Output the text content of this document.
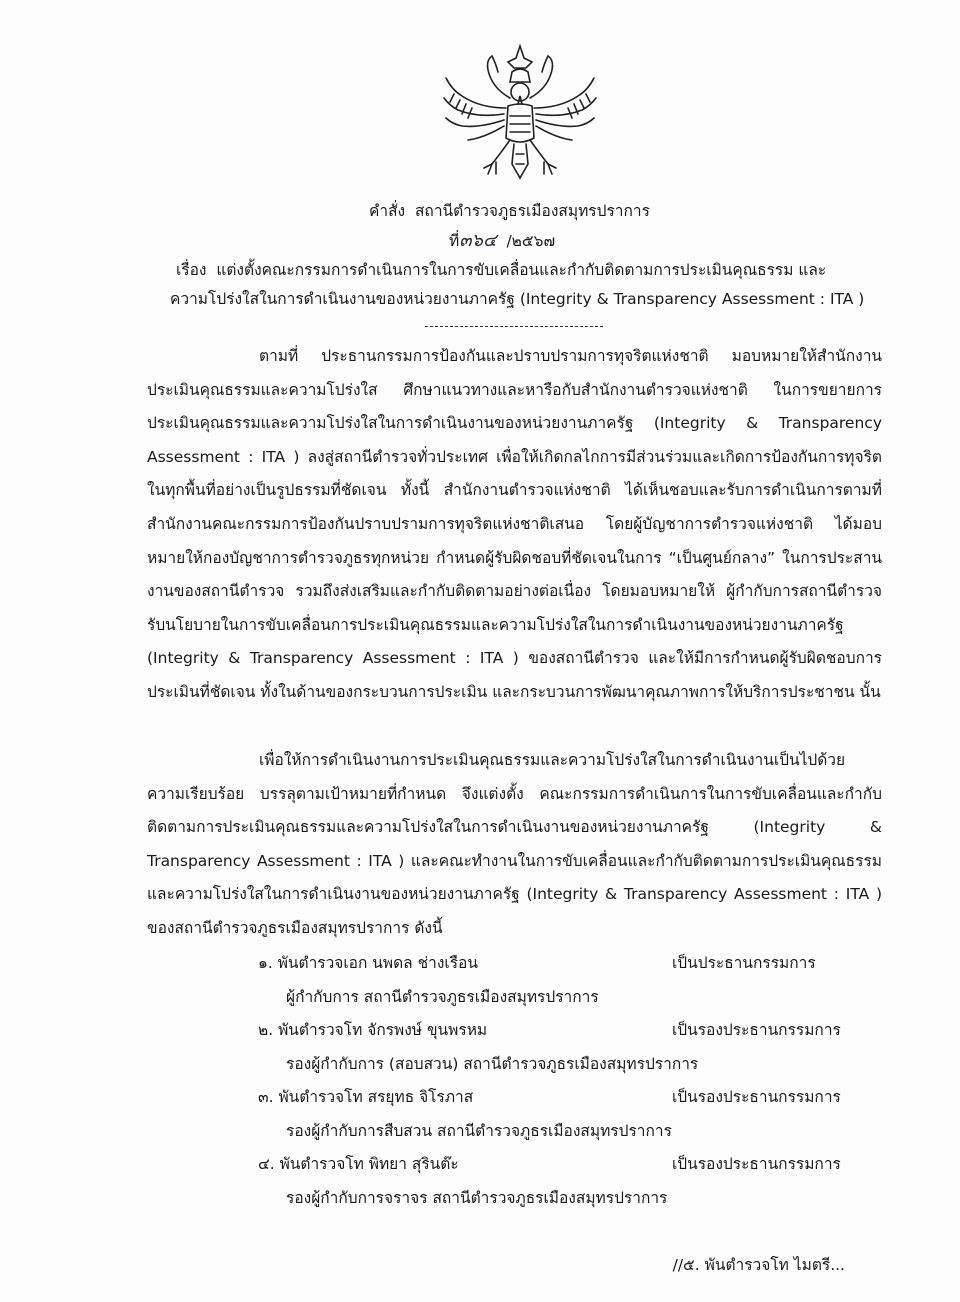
คำสั่ง สถานีตำรวจภูธรเมืองสมุทรปราการ
ที่๓๖๔ /๒๕๖๗
เรื่อง แต่งตั้งคณะกรรมการดำเนินการในการขับเคลื่อนและกำกับติดตามการประเมินคุณธรรม และ
ความโปร่งใสในการดำเนินงานของหน่วยงานภาครัฐ (Integrity & Transparency Assessment : ITA )

ตามที่ ประธานกรรมการป้องกันและปราบปรามการทุจริตแห่งชาติ มอบหมายให้สำนักงานประเมินคุณธรรมและความโปร่งใส ศึกษาแนวทางและหารือกับสำนักงานตำรวจแห่งชาติ ในการขยายการประเมินคุณธรรมและความโปร่งใสในการดำเนินงานของหน่วยงานภาครัฐ (Integrity & Transparency Assessment : ITA ) ลงสู่สถานีตำรวจทั่วประเทศ เพื่อให้เกิดกลไกการมีส่วนร่วมและเกิดการป้องกันการทุจริตในทุกพื้นที่อย่างเป็นรูปธรรมที่ชัดเจน ทั้งนี้ สำนักงานตำรวจแห่งชาติ ได้เห็นชอบและรับการดำเนินการตามที่สำนักงานคณะกรรมการป้องกันปราบปรามการทุจริตแห่งชาติเสนอ โดยผู้บัญชาการตำรวจแห่งชาติ ได้มอบหมายให้กองบัญชาการตำรวจภูธรทุกหน่วย กำหนดผู้รับผิดชอบที่ชัดเจนในการ “เป็นศูนย์กลาง” ในการประสานงานของสถานีตำรวจ รวมถึงส่งเสริมและกำกับติดตามอย่างต่อเนื่อง โดยมอบหมายให้ ผู้กำกับการสถานีตำรวจ รับนโยบายในการขับเคลื่อนการประเมินคุณธรรมและความโปร่งใสในการดำเนินงานของหน่วยงานภาครัฐ (Integrity & Transparency Assessment : ITA ) ของสถานีตำรวจ และให้มีการกำหนดผู้รับผิดชอบการประเมินที่ชัดเจน ทั้งในด้านของกระบวนการประเมิน และกระบวนการพัฒนาคุณภาพการให้บริการประชาชน นั้น

เพื่อให้การดำเนินงานการประเมินคุณธรรมและความโปร่งใสในการดำเนินงานเป็นไปด้วยความเรียบร้อย บรรลุตามเป้าหมายที่กำหนด จึงแต่งตั้ง คณะกรรมการดำเนินการในการขับเคลื่อนและกำกับติดตามการประเมินคุณธรรมและความโปร่งใสในการดำเนินงานของหน่วยงานภาครัฐ (Integrity & Transparency Assessment : ITA ) และคณะทำงานในการขับเคลื่อนและกำกับติดตามการประเมินคุณธรรมและความโปร่งใสในการดำเนินงานของหน่วยงานภาครัฐ (Integrity & Transparency Assessment : ITA ) ของสถานีตำรวจภูธรเมืองสมุทรปราการ ดังนี้

๑. พันตำรวจเอก นพดล ช่างเรือน	เป็นประธานกรรมการ
ผู้กำกับการ สถานีตำรวจภูธรเมืองสมุทรปราการ
๒. พันตำรวจโท จักรพงษ์ ขุนพรหม	เป็นรองประธานกรรมการ
รองผู้กำกับการ (สอบสวน) สถานีตำรวจภูธรเมืองสมุทรปราการ
๓. พันตำรวจโท สรยุทธ จิโรภาส	เป็นรองประธานกรรมการ
รองผู้กำกับการสืบสวน สถานีตำรวจภูธรเมืองสมุทรปราการ
๔. พันตำรวจโท พิทยา สุรินต๊ะ	เป็นรองประธานกรรมการ
รองผู้กำกับการจราจร สถานีตำรวจภูธรเมืองสมุทรปราการ
//๕. พันตำรวจโท ไมตรี...
